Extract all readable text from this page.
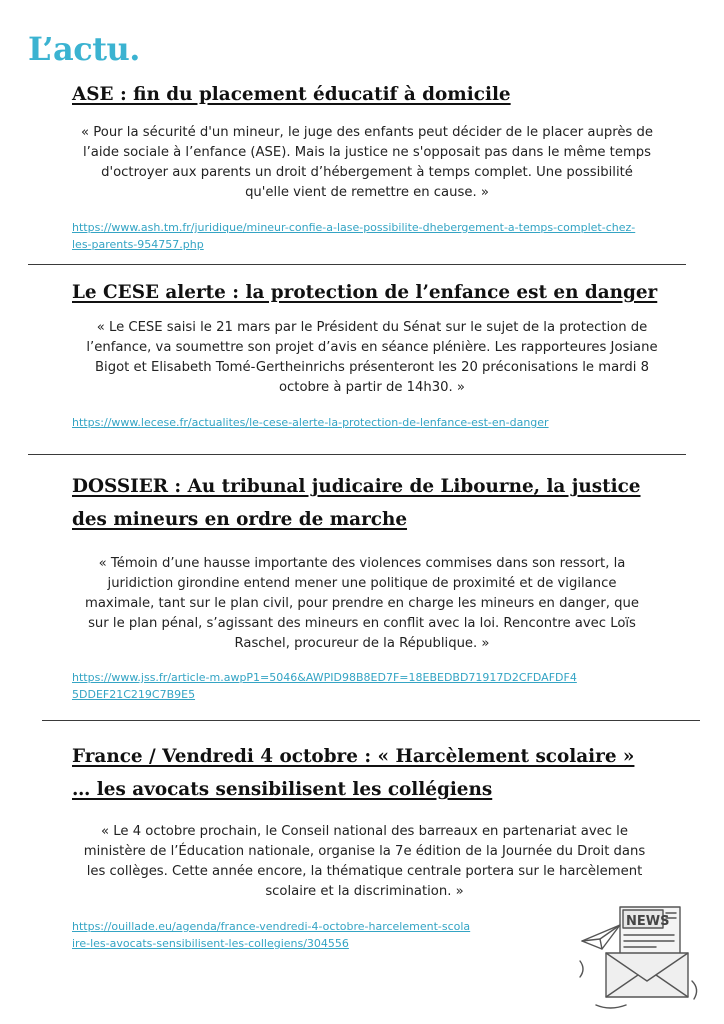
L’actu.
ASE : fin du placement éducatif à domicile

« Pour la sécurité d'un mineur, le juge des enfants peut décider de le placer auprès de l’aide sociale à l’enfance (ASE). Mais la justice ne s'opposait pas dans le même temps d'octroyer aux parents un droit d’hébergement à temps complet. Une possibilité qu'elle vient de remettre en cause. »

https://www.ash.tm.fr/juridique/mineur-confie-a-lase-possibilite-dhebergement-a-temps-complet-chez-les-parents-954757.php
Le CESE alerte : la protection de l’enfance est en danger

« Le CESE saisi le 21 mars par le Président du Sénat sur le sujet de la protection de l’enfance, va soumettre son projet d’avis en séance plénière. Les rapporteures Josiane Bigot et Elisabeth Tomé-Gertheinrichs présenteront les 20 préconisations le mardi 8 octobre à partir de 14h30. »

https://www.lecese.fr/actualites/le-cese-alerte-la-protection-de-lenfance-est-en-danger
DOSSIER : Au tribunal judicaire de Libourne, la justice des mineurs en ordre de marche

« Témoin d’une hausse importante des violences commises dans son ressort, la juridiction girondine entend mener une politique de proximité et de vigilance maximale, tant sur le plan civil, pour prendre en charge les mineurs en danger, que sur le plan pénal, s’agissant des mineurs en conflit avec la loi. Rencontre avec Loïs Raschel, procureur de la République. »

https://www.jss.fr/article-m.awpP1=5046&AWPID98B8ED7F=18EBEDBD71917D2CFDAFDF45DDEF21C219C7B9E5
France / Vendredi 4 octobre : « Harcèlement scolaire » … les avocats sensibilisent les collégiens

« Le 4 octobre prochain, le Conseil national des barreaux en partenariat avec le ministère de l’Éducation nationale, organise la 7e édition de la Journée du Droit dans les collèges. Cette année encore, la thématique centrale portera sur le harcèlement scolaire et la discrimination. »

https://ouillade.eu/agenda/france-vendredi-4-octobre-harcelement-scolaire-les-avocats-sensibilisent-les-collegiens/304556
NEWS
